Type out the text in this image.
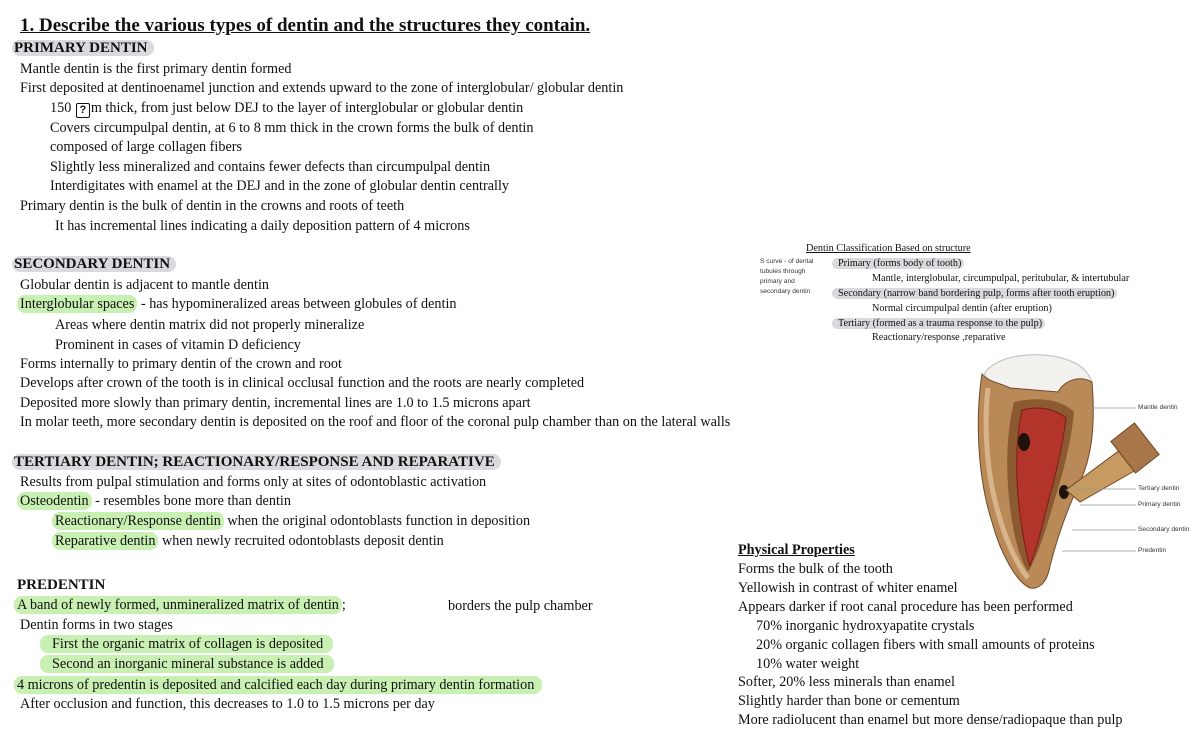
1. Describe the various types of dentin and the structures they contain.
PRIMARY DENTIN
Mantle dentin is the first primary dentin formed
First deposited at dentinoenamel junction and extends upward to the zone of interglobular/ globular dentin
150 ? m thick, from just below DEJ to the layer of interglobular or globular dentin
Covers circumpulpal dentin, at 6 to 8 mm thick in the crown forms the bulk of dentin
composed of large collagen fibers
Slightly less mineralized and contains fewer defects than circumpulpal dentin
Interdigitates with enamel at the DEJ and in the zone of globular dentin centrally
Primary dentin is the bulk of dentin in the crowns and roots of teeth
It has incremental lines indicating a daily deposition pattern of 4 microns
SECONDARY DENTIN
Globular dentin is adjacent to mantle dentin
Interglobular spaces - has hypomineralized areas between globules of dentin
Areas where dentin matrix did not properly mineralize
Prominent in cases of vitamin D deficiency
Forms internally to primary dentin of the crown and root
Develops after crown of the tooth is in clinical occlusal function and the roots are nearly completed
Deposited more slowly than primary dentin, incremental lines are 1.0 to 1.5 microns apart
In molar teeth, more secondary dentin is deposited on the roof and floor of the coronal pulp chamber than on the lateral walls
TERTIARY DENTIN; REACTIONARY/RESPONSE AND REPARATIVE
Results from pulpal stimulation and forms only at sites of odontoblastic activation
Osteodentin - resembles bone more than dentin
Reactionary/Response dentin when the original odontoblasts function in deposition
Reparative dentin when newly recruited odontoblasts deposit dentin
PREDENTIN
A band of newly formed, unmineralized matrix of dentin ;	borders the pulp chamber
Dentin forms in two stages
First the organic matrix of collagen is deposited
Second an inorganic mineral substance is added
4 microns of predentin is deposited and calcified each day during primary dentin formation
After occlusion and function, this decreases to 1.0 to 1.5 microns per day
Dentin Classification Based on structure
S curve - of dental
tubules through
primary and
secondary dentin
Primary (forms body of tooth)
Mantle, interglobular, circumpulpal, peritubular, & intertubular
Secondary (narrow band bordering pulp, forms after tooth eruption)
Normal circumpulpal dentin (after eruption)
Tertiary (formed as a trauma response to the pulp)
Reactionary/response ,reparative
Mantle dentin
Tertiary dentin
Primary dentin
Secondary dentin
Predentin
Physical Properties
Forms the bulk of the tooth
Yellowish in contrast of whiter enamel
Appears darker if root canal procedure has been performed
70% inorganic hydroxyapatite crystals
20% organic collagen fibers with small amounts of proteins
10% water weight
Softer, 20% less minerals than enamel
Slightly harder than bone or cementum
More radiolucent than enamel but more dense/radiopaque than pulp
